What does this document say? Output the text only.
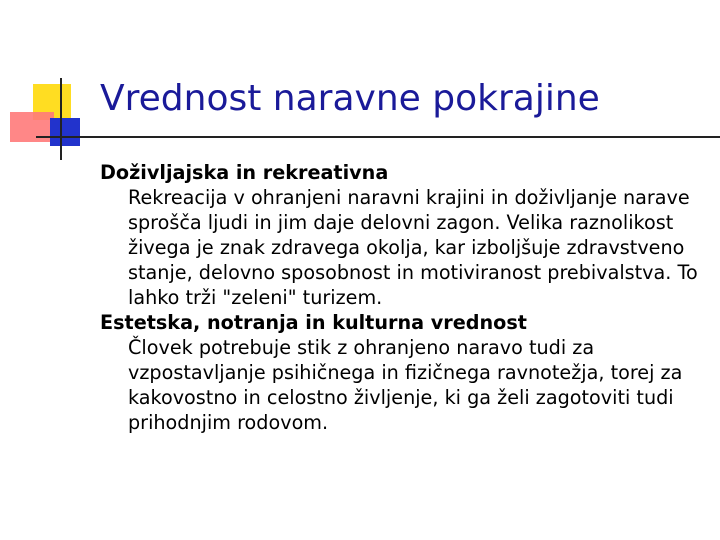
Vrednost naravne pokrajine
Doživljajska in rekreativna
Rekreacija v ohranjeni naravni krajini in doživljanje narave sprošča ljudi in jim daje delovni zagon. Velika raznolikost živega je znak zdravega okolja, kar izboljšuje zdravstveno stanje, delovno sposobnost in motiviranost prebivalstva. To lahko trži "zeleni" turizem.
Estetska, notranja in kulturna vrednost
Človek potrebuje stik z ohranjeno naravo tudi za vzpostavljanje psihičnega in fizičnega ravnotežja, torej za kakovostno in celostno življenje, ki ga želi zagotoviti tudi prihodnjim rodovom.
